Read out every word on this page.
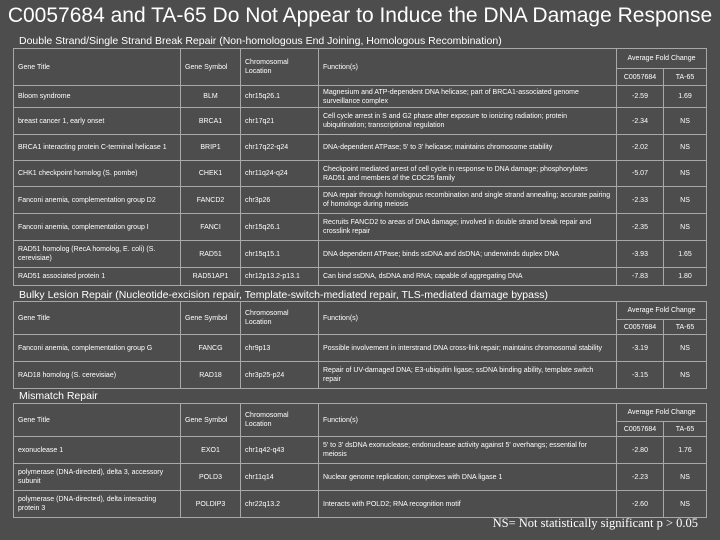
C0057684 and TA-65 Do Not Appear to Induce the DNA Damage Response
Double Strand/Single Strand Break Repair (Non-homologous End Joining, Homologous Recombination)
Gene Title	Gene Symbol	Chromosomal Location	Function(s)	Average Fold Change	
				C0057684	TA-65
Bloom syndrome	BLM	chr15q26.1	Magnesium and ATP-dependent DNA helicase; part of BRCA1-associated genome surveillance complex	-2.59	1.69
breast cancer 1, early onset	BRCA1	chr17q21	Cell cycle arrest in S and G2 phase after exposure to ionizing radiation; protein ubiquitination; transcriptional regulation	-2.34	NS
BRCA1 interacting protein C-terminal helicase 1	BRIP1	chr17q22-q24	DNA-dependent ATPase; 5' to 3' helicase; maintains chromosome stability	-2.02	NS
CHK1 checkpoint homolog (S. pombe)	CHEK1	chr11q24-q24	Checkpoint mediated arrest of cell cycle in response to DNA damage; phosphorylates RAD51 and members of the CDC25 family	-5.07	NS
Fanconi anemia, complementation group D2	FANCD2	chr3p26	DNA repair through homologous recombination and single strand annealing; accurate pairing of homologs during meiosis	-2.33	NS
Fanconi anemia, complementation group I	FANCI	chr15q26.1	Recruits FANCD2 to areas of DNA damage; involved in double strand break repair and crosslink repair	-2.35	NS
RAD51 homolog (RecA homolog, E. coli) (S. cerevisiae)	RAD51	chr15q15.1	DNA dependent ATPase; binds ssDNA and dsDNA; underwinds duplex DNA	-3.93	1.65
RAD51 associated protein 1	RAD51AP1	chr12p13.2-p13.1	Can bind ssDNA, dsDNA and RNA; capable of aggregating DNA	-7.83	1.80
Bulky Lesion Repair (Nucleotide-excision repair, Template-switch-mediated repair, TLS-mediated damage bypass)
Gene Title	Gene Symbol	Chromosomal Location	Function(s)	Average Fold Change	
				C0057684	TA-65
Fanconi anemia, complementation group G	FANCG	chr9p13	Possible involvement in interstrand DNA cross-link repair; maintains chromosomal stability	-3.19	NS
RAD18 homolog (S. cerevisiae)	RAD18	chr3p25-p24	Repair of UV-damaged DNA; E3-ubiquitin ligase; ssDNA binding ability, template switch repair	-3.15	NS
Mismatch Repair
Gene Title	Gene Symbol	Chromosomal Location	Function(s)	Average Fold Change	
				C0057684	TA-65
exonuclease 1	EXO1	chr1q42-q43	5' to 3' dsDNA exonuclease; endonuclease activity against 5' overhangs; essential for meiosis	-2.80	1.76
polymerase (DNA-directed), delta 3, accessory subunit	POLD3	chr11q14	Nuclear genome replication; complexes with DNA ligase 1	-2.23	NS
polymerase (DNA-directed), delta interacting protein 3	POLDIP3	chr22q13.2	Interacts with POLD2; RNA recognition motif	-2.60	NS
NS= Not statistically significant p > 0.05
